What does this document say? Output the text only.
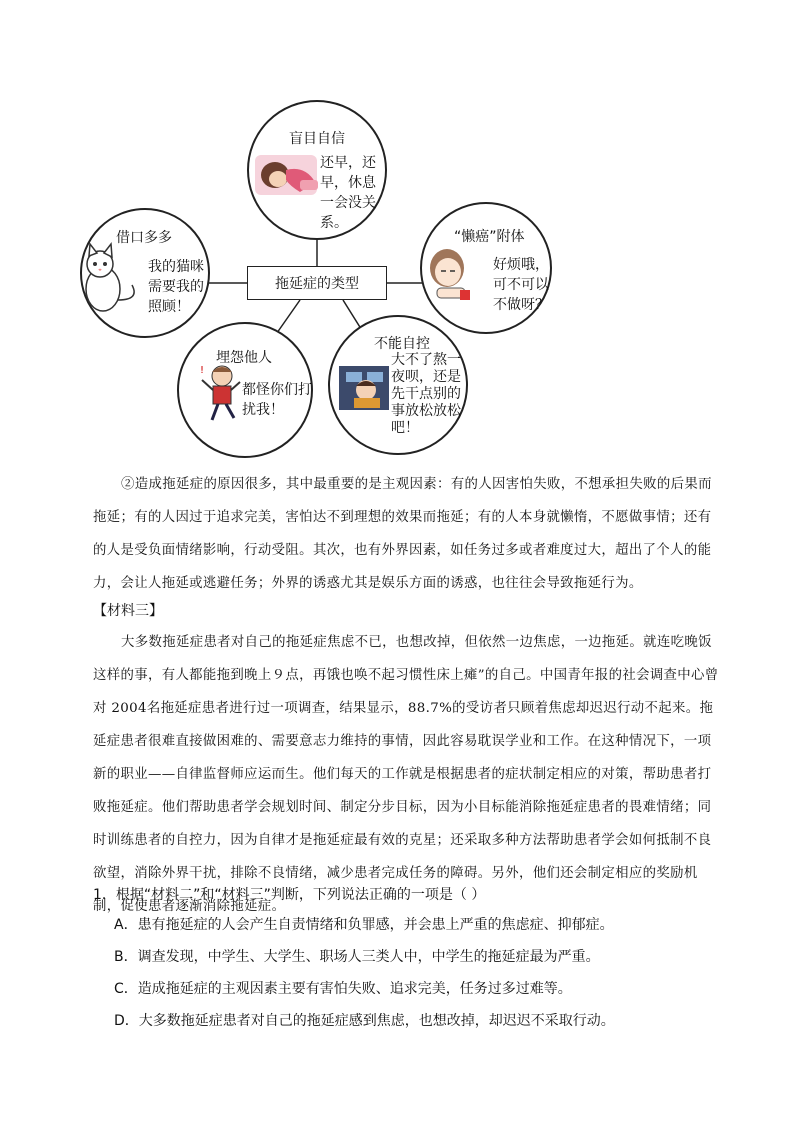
!
盲目自信
还早，还
早，休息
一会没关
系。
借口多多
我的猫咪
需要我的
照顾！
“懒癌”附体
好烦哦，
可不可以
不做呀？
拖延症的类型
埋怨他人
都怪你们打
扰我！
不能自控
大不了熬一
夜呗，还是
先干点别的
事放松放松
吧！

②造成拖延症的原因很多，其中最重要的是主观因素：有的人因害怕失败，不想承担失败的后果而拖延；有的人因过于追求完美，害怕达不到理想的效果而拖延；有的人本身就懒惰，不愿做事情；还有的人是受负面情绪影响，行动受阻。其次，也有外界因素，如任务过多或者难度过大，超出了个人的能力，会让人拖延或逃避任务；外界的诱惑尤其是娱乐方面的诱惑，也往往会导致拖延行为。

【材料三】

大多数拖延症患者对自己的拖延症焦虑不已，也想改掉，但依然一边焦虑，一边拖延。就连吃晚饭这样的事，有人都能拖到晚上９点，再饿也唤不起习惯性床上瘫”的自己。中国青年报的社会调查中心曾对 2004名拖延症患者进行过一项调查，结果显示，88.7%的受访者只顾着焦虑却迟迟行动不起来。拖延症患者很难直接做困难的、需要意志力维持的事情，因此容易耽误学业和工作。在这种情况下，一项新的职业——自律监督师应运而生。他们每天的工作就是根据患者的症状制定相应的对策，帮助患者打败拖延症。他们帮助患者学会规划时间、制定分步目标，因为小目标能消除拖延症患者的畏难情绪；同时训练患者的自控力，因为自律才是拖延症最有效的克星；还采取多种方法帮助患者学会如何抵制不良欲望，消除外界干扰，排除不良情绪，减少患者完成任务的障碍。另外，他们还会制定相应的奖励机制，促使患者逐渐消除拖延症。

1．根据“材料二”和“材料三”判断，下列说法正确的一项是（ ）
A．患有拖延症的人会产生自责情绪和负罪感，并会患上严重的焦虑症、抑郁症。
B．调查发现，中学生、大学生、职场人三类人中，中学生的拖延症最为严重。
C．造成拖延症的主观因素主要有害怕失败、追求完美，任务过多过难等。
D．大多数拖延症患者对自己的拖延症感到焦虑，也想改掉，却迟迟不采取行动。
